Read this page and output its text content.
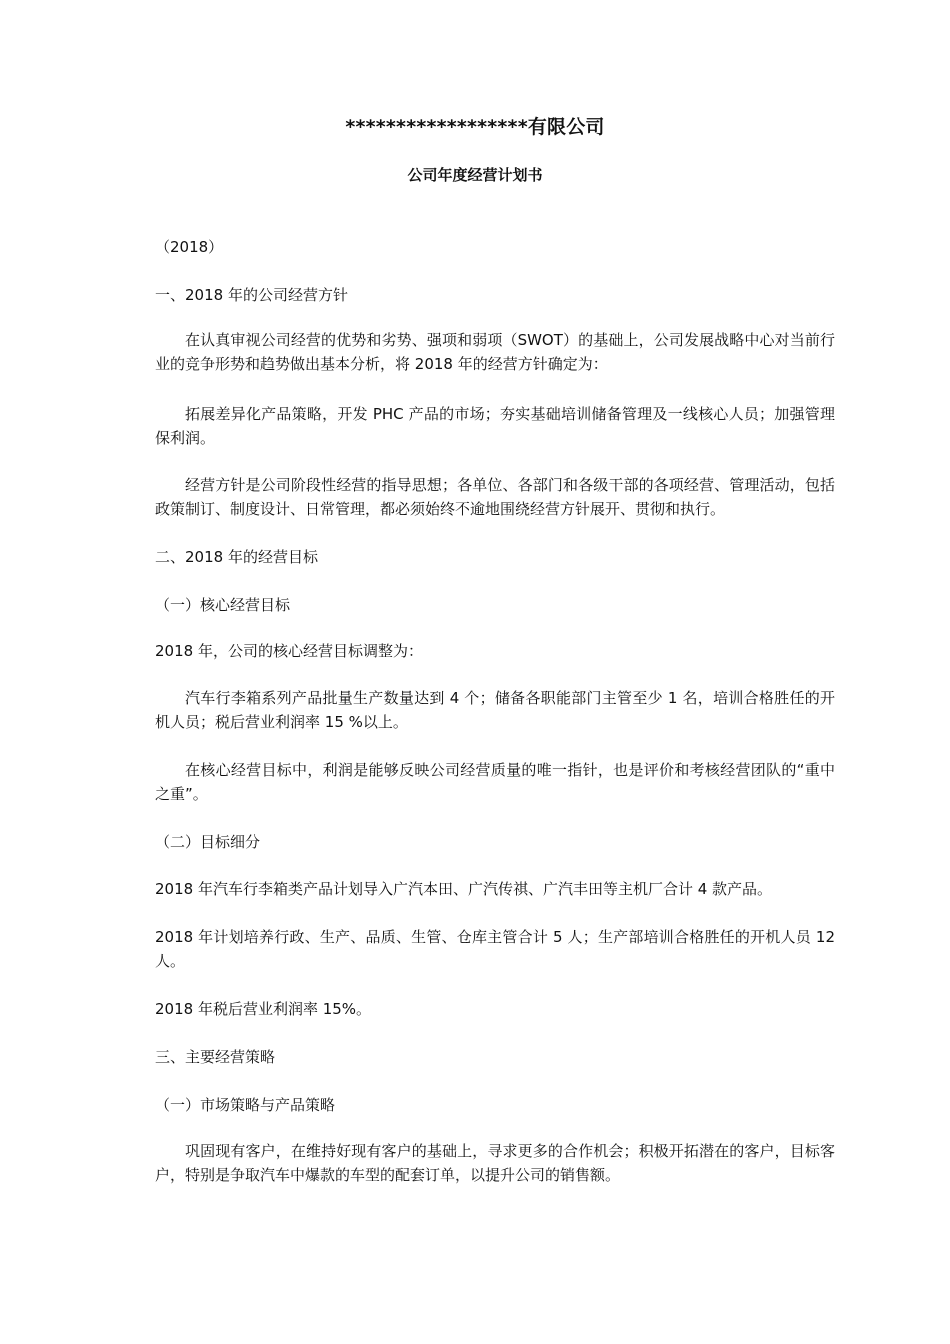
******************有限公司
公司年度经营计划书

（2018）

一、2018 年的公司经营方针

在认真审视公司经营的优势和劣势、强项和弱项（SWOT）的基础上，公司发展战略中心对当前行业的竞争形势和趋势做出基本分析，将 2018 年的经营方针确定为：

拓展差异化产品策略，开发 PHC 产品的市场；夯实基础培训储备管理及一线核心人员；加强管理保利润。

经营方针是公司阶段性经营的指导思想；各单位、各部门和各级干部的各项经营、管理活动，包括政策制订、制度设计、日常管理，都必须始终不逾地围绕经营方针展开、贯彻和执行。

二、2018 年的经营目标

（一）核心经营目标

2018 年，公司的核心经营目标调整为：

汽车行李箱系列产品批量生产数量达到 4 个；储备各职能部门主管至少 1 名，培训合格胜任的开机人员；税后营业利润率 15 %以上。

在核心经营目标中，利润是能够反映公司经营质量的唯一指针，也是评价和考核经营团队的“重中之重”。

（二）目标细分

2018 年汽车行李箱类产品计划导入广汽本田、广汽传祺、广汽丰田等主机厂合计 4 款产品。

2018 年计划培养行政、生产、品质、生管、仓库主管合计 5 人；生产部培训合格胜任的开机人员 12 人。

2018 年税后营业利润率 15%。

三、主要经营策略

（一）市场策略与产品策略

巩固现有客户，在维持好现有客户的基础上，寻求更多的合作机会；积极开拓潜在的客户，目标客户，特别是争取汽车中爆款的车型的配套订单，以提升公司的销售额。
